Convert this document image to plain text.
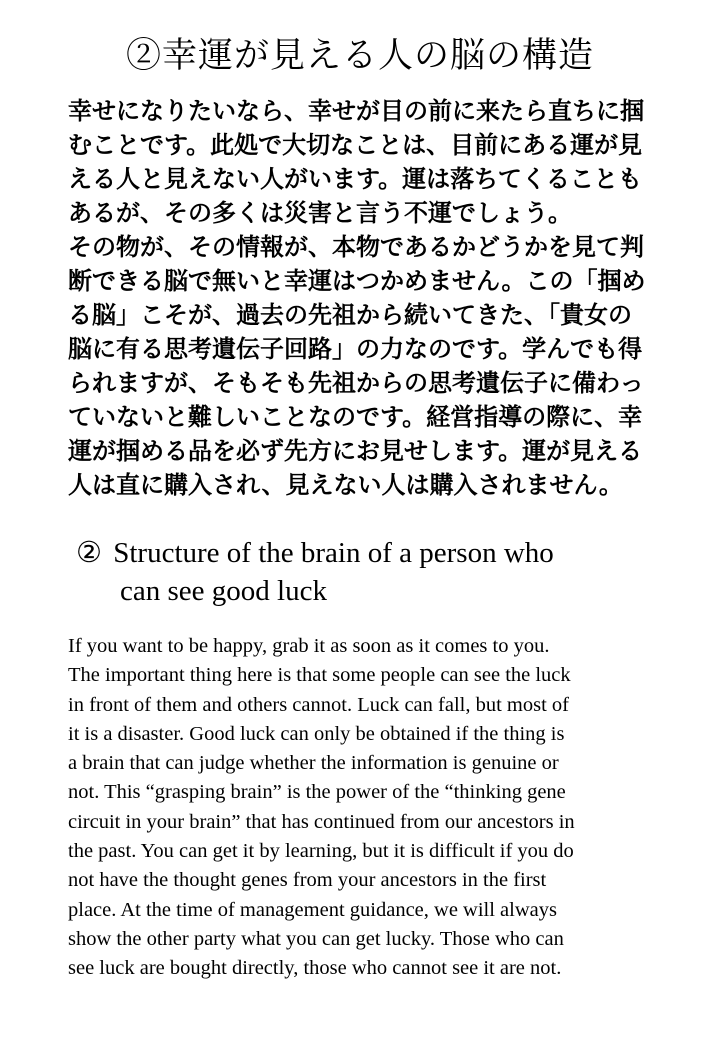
②幸運が見える人の脳の構造
幸せになりたいなら、幸せが目の前に来たら直ちに掴
むことです。此処で大切なことは、目前にある運が見
える人と見えない人がいます。運は落ちてくることも
あるが、その多くは災害と言う不運でしょう。
その物が、その情報が、本物であるかどうかを見て判
断できる脳で無いと幸運はつかめません。この「掴め
る脳」こそが、過去の先祖から続いてきた、「貴女の
脳に有る思考遺伝子回路」の力なのです。学んでも得
られますが、そもそも先祖からの思考遺伝子に備わっ
ていないと難しいことなのです。経営指導の際に、幸
運が掴める品を必ず先方にお見せします。運が見える
人は直に購入され、見えない人は購入されません。
② Structure of the brain of a person who
can see good luck
If you want to be happy, grab it as soon as it comes to you.
The important thing here is that some people can see the luck
in front of them and others cannot. Luck can fall, but most of
it is a disaster. Good luck can only be obtained if the thing is
a brain that can judge whether the information is genuine or
not. This “grasping brain” is the power of the “thinking gene
circuit in your brain” that has continued from our ancestors in
the past. You can get it by learning, but it is difficult if you do
not have the thought genes from your ancestors in the first
place. At the time of management guidance, we will always
show the other party what you can get lucky. Those who can
see luck are bought directly, those who cannot see it are not.
